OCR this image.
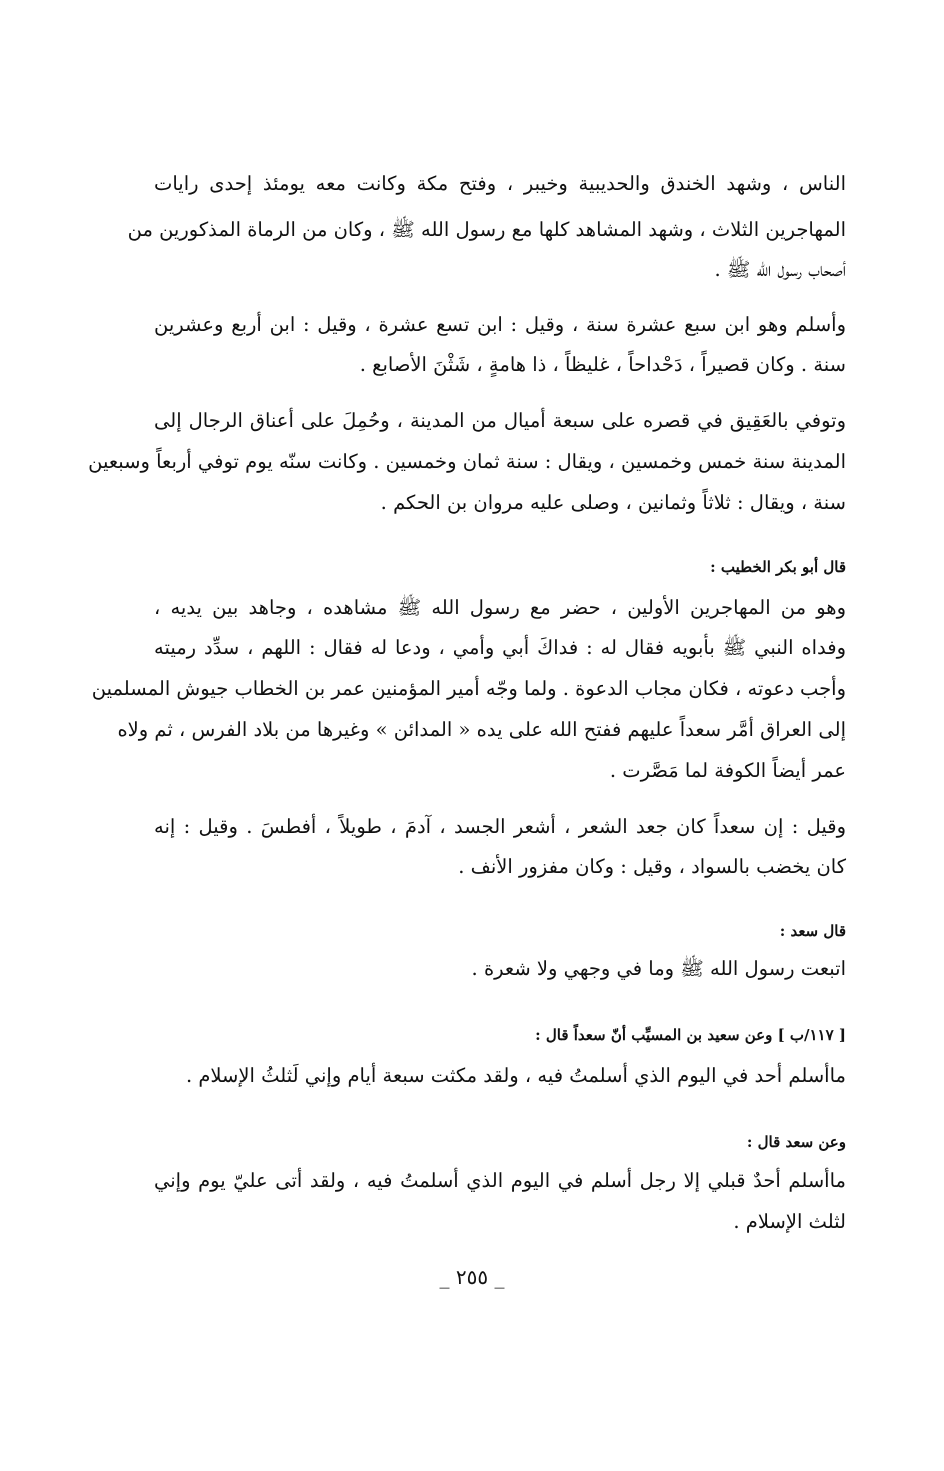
الناس ، وشهد الخندق والحديبية وخيبر ، وفتح مكة وكانت معه يومئذ إحدى رايات
المهاجرين الثلاث ، وشهد المشاهد كلها مع رسول الله ﷺ ، وكان من الرماة المذكورين من
أصحاب رسول الله ﷺ .
وأسلم وهو ابن سبع عشرة سنة ، وقيل : ابن تسع عشرة ، وقيل : ابن أربع وعشرين
سنة . وكان قصيراً ، دَحْداحاً ، غليظاً ، ذا هامةٍ ، شَثْنَ الأصابع .
وتوفي بالعَقِيق في قصره على سبعة أميال من المدينة ، وحُمِلَ على أعناق الرجال إلى
المدينة سنة خمس وخمسين ، ويقال : سنة ثمان وخمسين . وكانت سنّه يوم توفي أربعاً وسبعين
سنة ، ويقال : ثلاثاً وثمانين ، وصلى عليه مروان بن الحكم .
قال أبو بكر الخطيب :
وهو من المهاجرين الأولين ، حضر مع رسول الله ﷺ مشاهده ، وجاهد بين يديه ،
وفداه النبي ﷺ بأبويه فقال له : فداكَ أبي وأمي ، ودعا له فقال : اللهم ، سدِّد رميته
وأجب دعوته ، فكان مجاب الدعوة . ولما وجّه أمير المؤمنين عمر بن الخطاب جيوش المسلمين
إلى العراق أمَّر سعداً عليهم ففتح الله على يده « المدائن » وغيرها من بلاد الفرس ، ثم ولاه
عمر أيضاً الكوفة لما مَصَّرت .
وقيل : إن سعداً كان جعد الشعر ، أشعر الجسد ، آدمَ ، طويلاً ، أفطسَ . وقيل : إنه
كان يخضب بالسواد ، وقيل : وكان مفزور الأنف .
قال سعد :
اتبعت رسول الله ﷺ وما في وجهي ولا شعرة .
[ ١١٧/ب ] وعن سعيد بن المسيِّب أنّ سعداً قال :
ماأسلم أحد في اليوم الذي أسلمتُ فيه ، ولقد مكثت سبعة أيام وإني لَثلثُ الإسلام .
وعن سعد قال :
ماأسلم أحدٌ قبلي إلا رجل أسلم في اليوم الذي أسلمتُ فيه ، ولقد أتى عليّ يوم وإني
لثلث الإسلام .
_ ٢٥٥ _
